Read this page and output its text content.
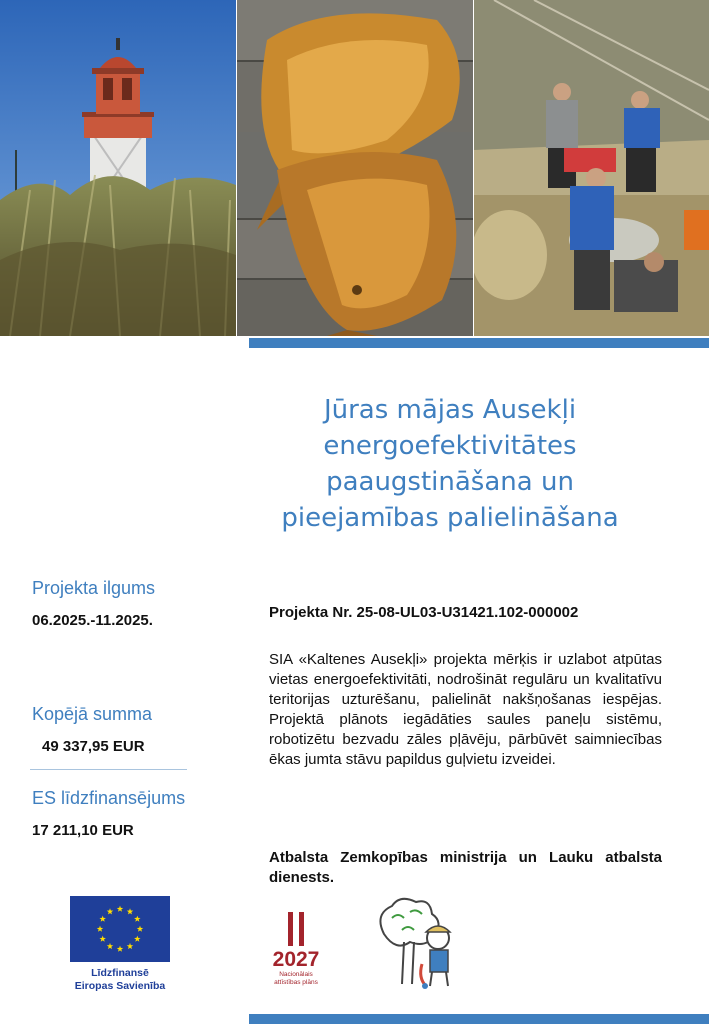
Jūras mājas Ausekļi
energoefektivitātes
paaugstināšana un
pieejamības palielināšana
Projekta ilgums
06.2025.-11.2025.
Kopējā summa
49 337,95 EUR
ES līdzfinansējums
17 211,10 EUR
Projekta Nr. 25-08-UL03-U31421.102-000002

SIA «Kaltenes Ausekļi» projekta mērķis ir uzlabot atpūtas vietas energoefektivitāti, nodrošināt regulāru un kvalitatīvu teritorijas uzturēšanu, palielināt nakšņošanas iespējas. Projektā plānots iegādāties saules paneļu sistēmu, robotizētu bezvadu zāles pļāvēju, pārbūvēt saimniecības ēkas jumta stāvu papildus guļvietu izveidei.

Atbalsta Zemkopības ministrija un Lauku atbalsta dienests.

Līdzfinansē
Eiropas Savienība
2027
Nacionālais
attīstības plāns
